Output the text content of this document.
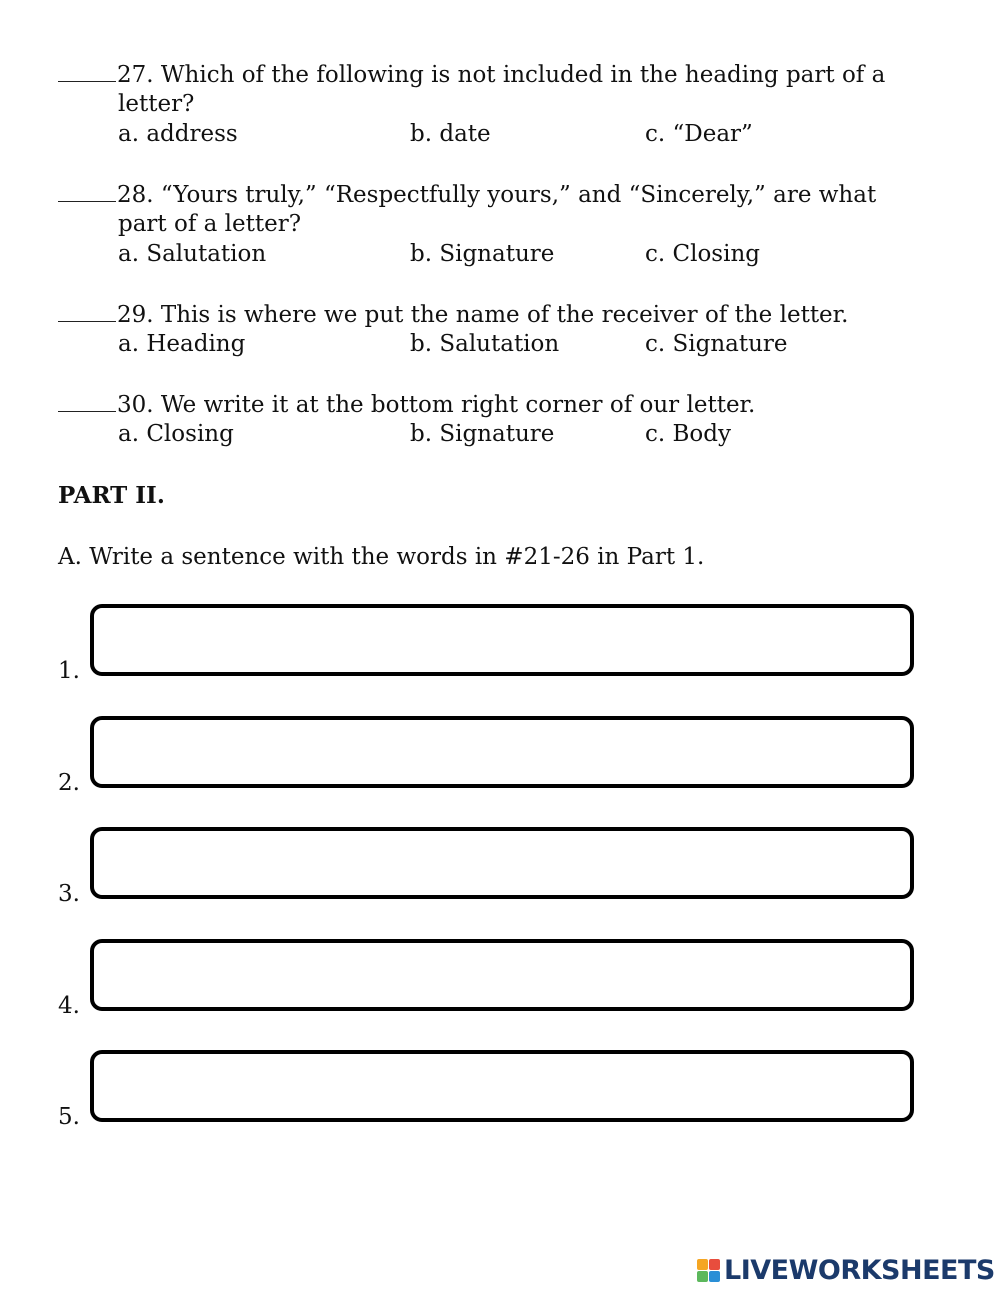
27. Which of the following is not included in the heading part of a
letter?
a. address	b. date	c. “Dear”
28. “Yours truly,” “Respectfully yours,” and “Sincerely,” are what
part of a letter?
a. Salutation	b. Signature	c. Closing
29. This is where we put the name of the receiver of the letter.
a. Heading	b. Salutation	c. Signature
30. We write it at the bottom right corner of our letter.
a. Closing	b. Signature	c. Body
PART II.
A. Write a sentence with the words in #21-26 in Part 1.
1.
2.
3.
4.
5.
LIVEWORKSHEETS
